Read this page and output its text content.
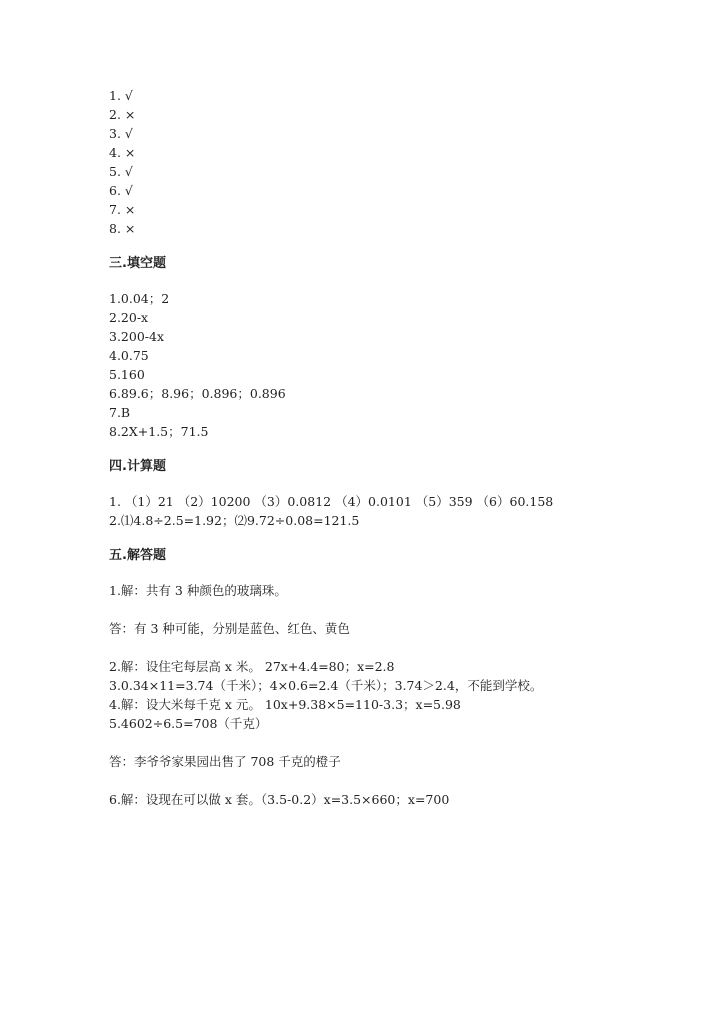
1. √
2. ×
3. √
4. ×
5. √
6. √
7. ×
8. ×
三.填空题
1.0.04；2
2.20-x
3.200-4x
4.0.75
5.160
6.89.6；8.96；0.896；0.896
7.B
8.2X+1.5；71.5
四.计算题
1. （1）21 （2）10200 （3）0.0812 （4）0.0101 （5）359 （6）60.158
2.⑴4.8÷2.5=1.92；⑵9.72÷0.08=121.5
五.解答题
1.解：共有 3 种颜色的玻璃珠。
答：有 3 种可能，分别是蓝色、红色、黄色
2.解：设住宅每层高 x 米。 27x+4.4=80；x=2.8
3.0.34×11=3.74（千米）；4×0.6=2.4（千米）；3.74＞2.4，不能到学校。
4.解：设大米每千克 x 元。 10x+9.38×5=110-3.3；x=5.98
5.4602÷6.5=708（千克）
答：李爷爷家果园出售了 708 千克的橙子
6.解：设现在可以做 x 套。（3.5-0.2）x=3.5×660；x=700
